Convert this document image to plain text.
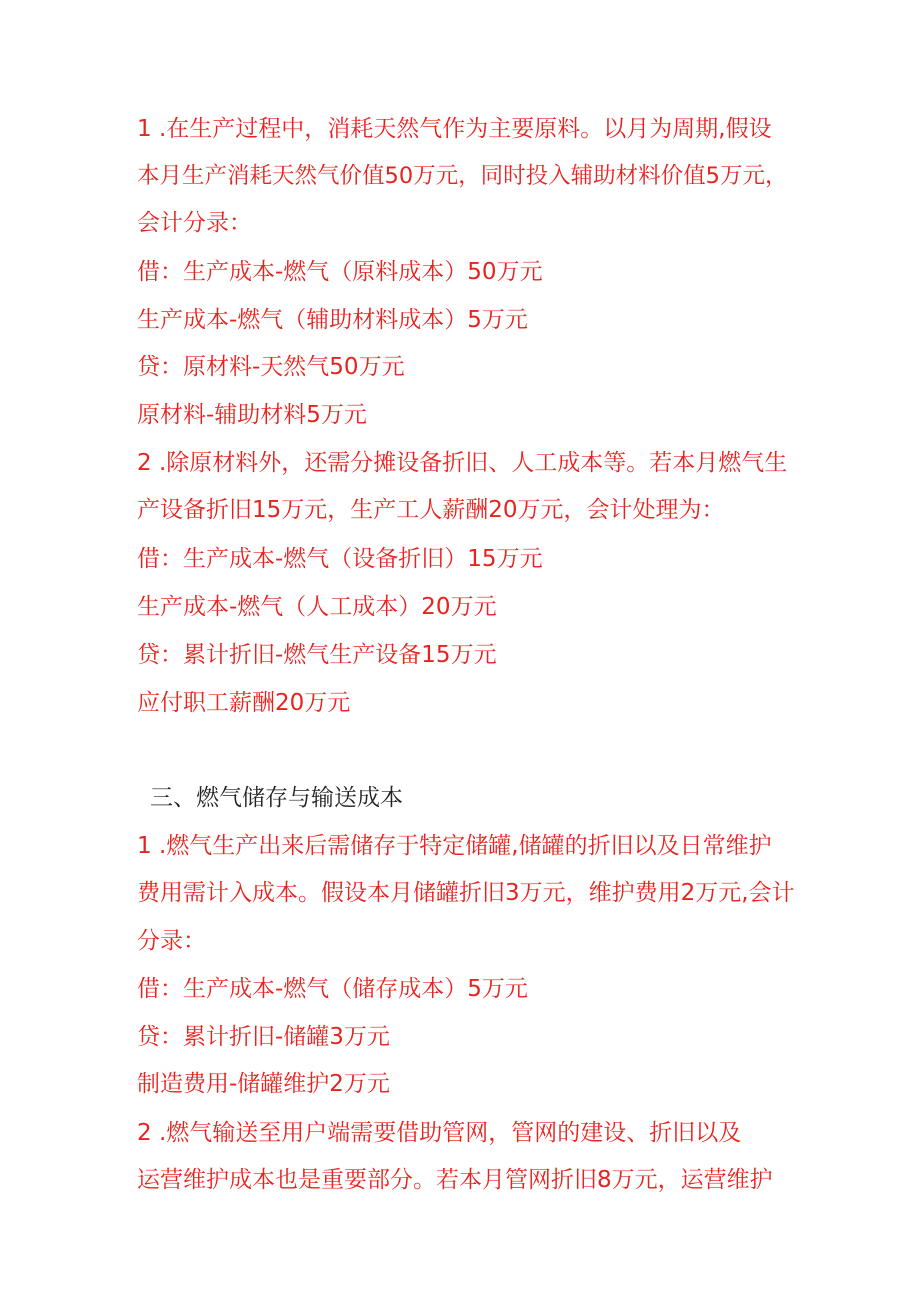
1 .在生产过程中，消耗天然气作为主要原料。以月为周期,假设

本月生产消耗天然气价值50万元，同时投入辅助材料价值5万元，

会计分录：

借：生产成本-燃气（原料成本）50万元

生产成本-燃气（辅助材料成本）5万元

贷：原材料-天然气50万元

原材料-辅助材料5万元

2 .除原材料外，还需分摊设备折旧、人工成本等。若本月燃气生

产设备折旧15万元，生产工人薪酬20万元，会计处理为：

借：生产成本-燃气（设备折旧）15万元

生产成本-燃气（人工成本）20万元

贷：累计折旧-燃气生产设备15万元

应付职工薪酬20万元

三、燃气储存与输送成本

1 .燃气生产出来后需储存于特定储罐,储罐的折旧以及日常维护

费用需计入成本。假设本月储罐折旧3万元，维护费用2万元,会计

分录：

借：生产成本-燃气（储存成本）5万元

贷：累计折旧-储罐3万元

制造费用-储罐维护2万元

2 .燃气输送至用户端需要借助管网，管网的建设、折旧以及

运营维护成本也是重要部分。若本月管网折旧8万元，运营维护
